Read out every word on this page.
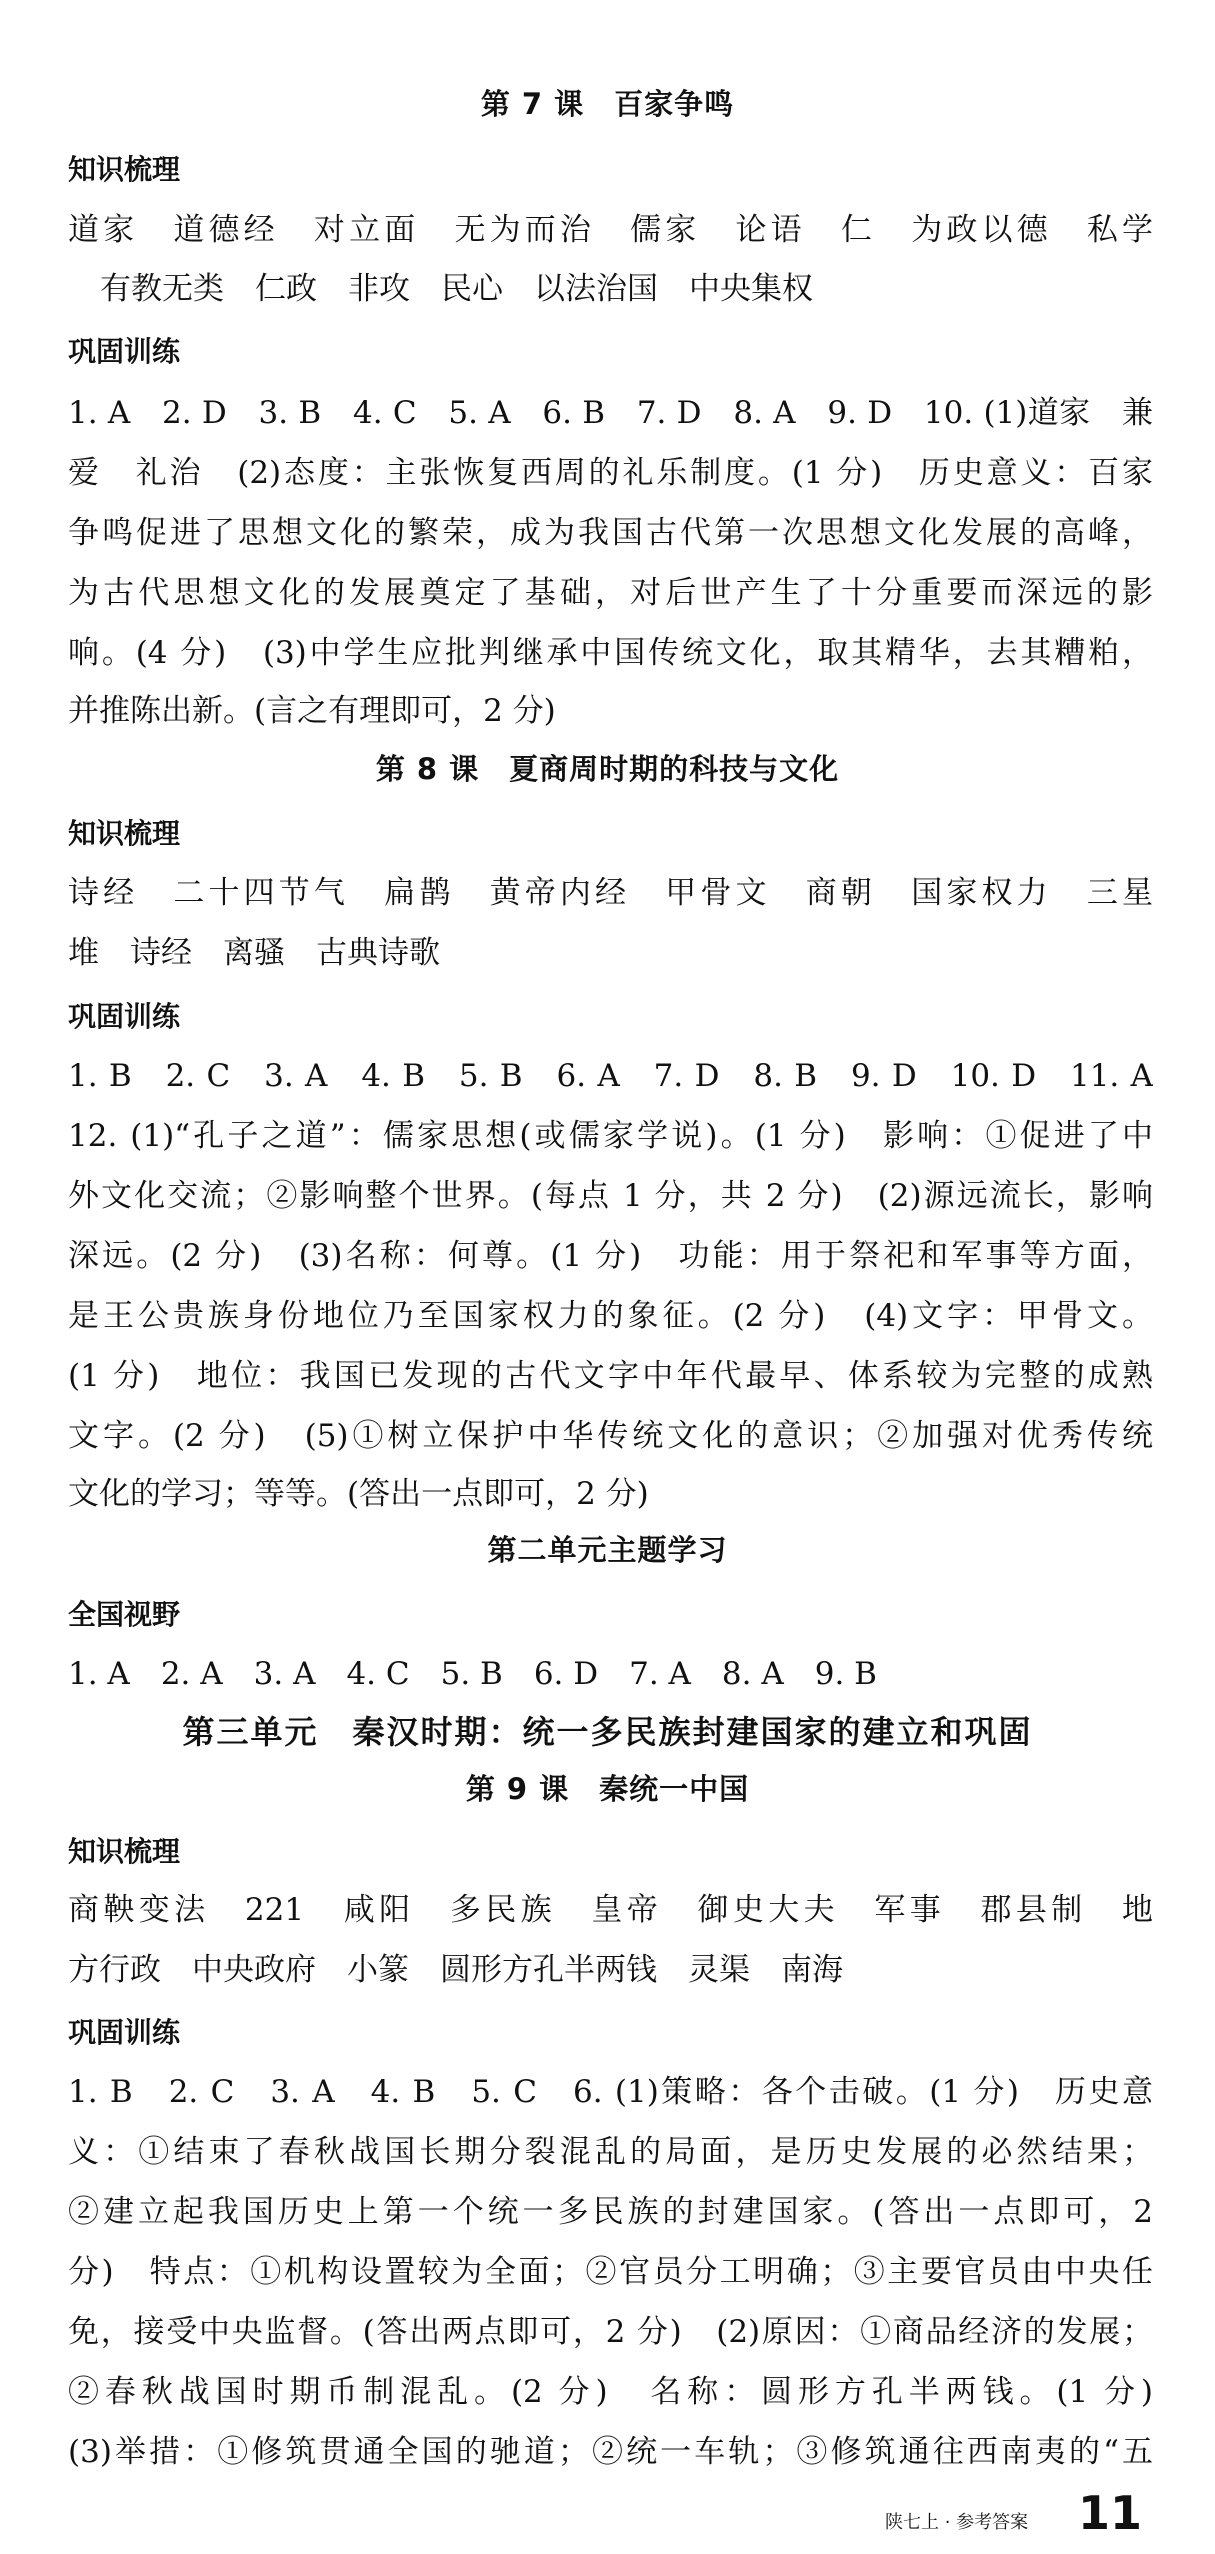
第 7 课　百家争鸣
知识梳理
道家　道德经　对立面　无为而治　儒家　论语　仁　为政以德　私学
有教无类　仁政　非攻　民心　以法治国　中央集权
巩固训练
1. A　2. D　3. B　4. C　5. A　6. B　7. D　8. A　9. D　10. (1)道家　兼
爱　礼治　(2)态度：主张恢复西周的礼乐制度。(1 分)　历史意义：百家
争鸣促进了思想文化的繁荣，成为我国古代第一次思想文化发展的高峰，
为古代思想文化的发展奠定了基础，对后世产生了十分重要而深远的影
响。(4 分)　(3)中学生应批判继承中国传统文化，取其精华，去其糟粕，
并推陈出新。(言之有理即可，2 分)
第 8 课　夏商周时期的科技与文化
知识梳理
诗经　二十四节气　扁鹊　黄帝内经　甲骨文　商朝　国家权力　三星
堆　诗经　离骚　古典诗歌
巩固训练
1. B　2. C　3. A　4. B　5. B　6. A　7. D　8. B　9. D　10. D　11. A
12. (1)“孔子之道”：儒家思想(或儒家学说)。(1 分)　影响：①促进了中
外文化交流；②影响整个世界。(每点 1 分，共 2 分)　(2)源远流长，影响
深远。(2 分)　(3)名称：何尊。(1 分)　功能：用于祭祀和军事等方面，
是王公贵族身份地位乃至国家权力的象征。(2 分)　(4)文字：甲骨文。
(1 分)　地位：我国已发现的古代文字中年代最早、体系较为完整的成熟
文字。(2 分)　(5)①树立保护中华传统文化的意识；②加强对优秀传统
文化的学习；等等。(答出一点即可，2 分)
第二单元主题学习
全国视野
1. A　2. A　3. A　4. C　5. B　6. D　7. A　8. A　9. B
第三单元　秦汉时期：统一多民族封建国家的建立和巩固
第 9 课　秦统一中国
知识梳理
商鞅变法　221　咸阳　多民族　皇帝　御史大夫　军事　郡县制　地
方行政　中央政府　小篆　圆形方孔半两钱　灵渠　南海
巩固训练
1. B　2. C　3. A　4. B　5. C　6. (1)策略：各个击破。(1 分)　历史意
义：①结束了春秋战国长期分裂混乱的局面，是历史发展的必然结果；
②建立起我国历史上第一个统一多民族的封建国家。(答出一点即可，2
分)　特点：①机构设置较为全面；②官员分工明确；③主要官员由中央任
免，接受中央监督。(答出两点即可，2 分)　(2)原因：①商品经济的发展；
②春秋战国时期币制混乱。(2 分)　名称：圆形方孔半两钱。(1 分)
(3)举措：①修筑贯通全国的驰道；②统一车轨；③修筑通往西南夷的“五
陕七上 · 参考答案 11
